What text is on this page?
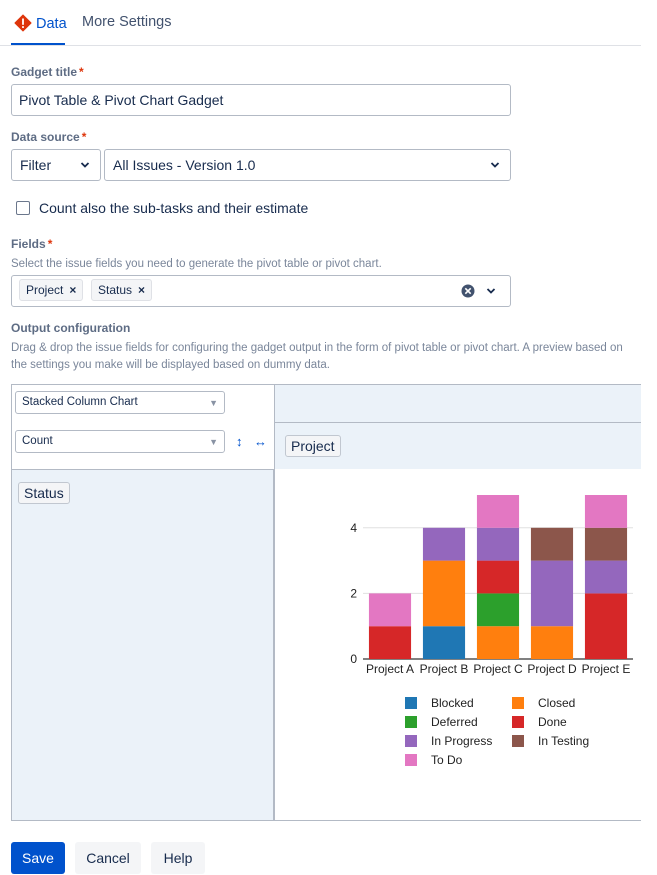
Data More Settings
Gadget title *
Pivot Table & Pivot Chart Gadget
Data source *
Filter	All Issues - Version 1.0
Count also the sub-tasks and their estimate
Fields *
Select the issue fields you need to generate the pivot table or pivot chart.
Project ×	Status ×
Output configuration
Drag & drop the issue fields for configuring the gadget output in the form of pivot table or pivot chart. A preview based on the settings you make will be displayed based on dummy data.
Stacked Column Chart	▼
Count	▼ ↕ ↔	Project
Status
0
2
4
Project A Project B Project C Project D Project E
Blocked	Closed
Deferred	Done
In Progress	In Testing
To Do
Save	Cancel	Help
